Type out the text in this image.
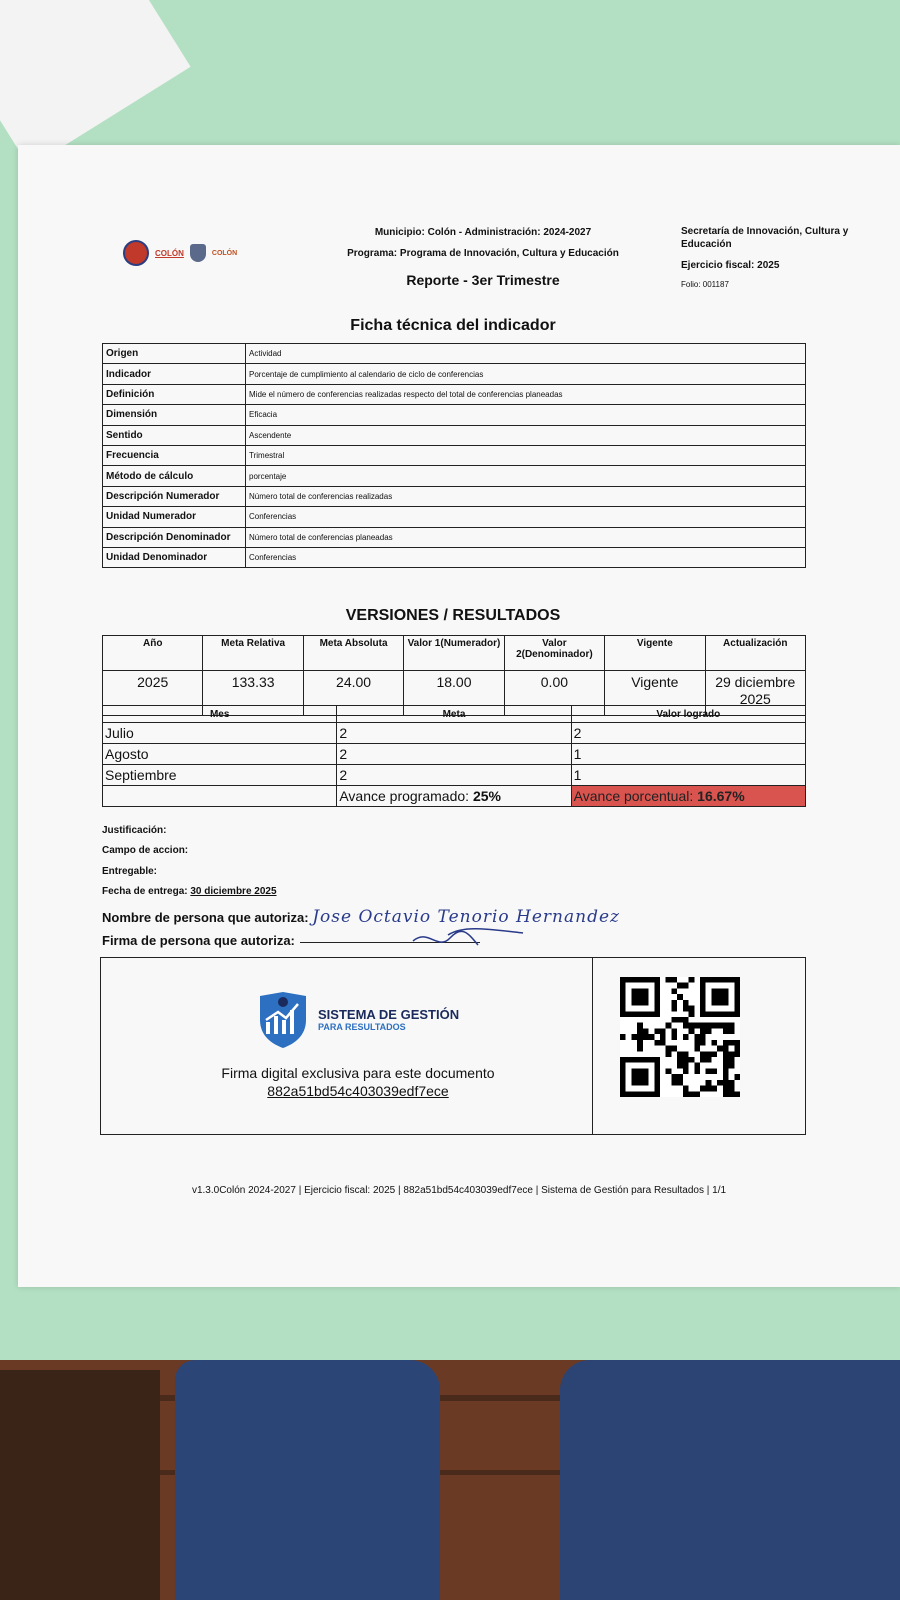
COLÓN	COLÓN
Municipio: Colón - Administración: 2024-2027
Programa: Programa de Innovación, Cultura y Educación
Reporte - 3er Trimestre
Secretaría de Innovación, Cultura y Educación
Ejercicio fiscal: 2025
Folio: 001187
Ficha técnica del indicador
Origen	Actividad
Indicador	Porcentaje de cumplimiento al calendario de ciclo de conferencias
Definición	Mide el número de conferencias realizadas respecto del total de conferencias planeadas
Dimensión	Eficacia
Sentido	Ascendente
Frecuencia	Trimestral
Método de cálculo	porcentaje
Descripción Numerador	Número total de conferencias realizadas
Unidad Numerador	Conferencias
Descripción Denominador	Número total de conferencias planeadas
Unidad Denominador	Conferencias
VERSIONES / RESULTADOS
Año	Meta Relativa	Meta Absoluta	Valor 1(Numerador)	Valor 2(Denominador)	Vigente	Actualización
2025	133.33	24.00	18.00	0.00	Vigente	29 diciembre 2025
Mes	Meta	Valor logrado
Julio	2	2
Agosto	2	1
Septiembre	2	1
	Avance programado: 25%	Avance porcentual: 16.67%
Justificación:
Campo de accion:
Entregable:
Fecha de entrega: 30 diciembre 2025
Nombre de persona que autoriza: Jose Octavio Tenorio Hernandez
Firma de persona que autoriza:
SISTEMA DE GESTIÓN
PARA RESULTADOS
Firma digital exclusiva para este documento
882a51bd54c403039edf7ece
v1.3.0Colón 2024-2027 | Ejercicio fiscal: 2025 | 882a51bd54c403039edf7ece | Sistema de Gestión para Resultados | 1/1
